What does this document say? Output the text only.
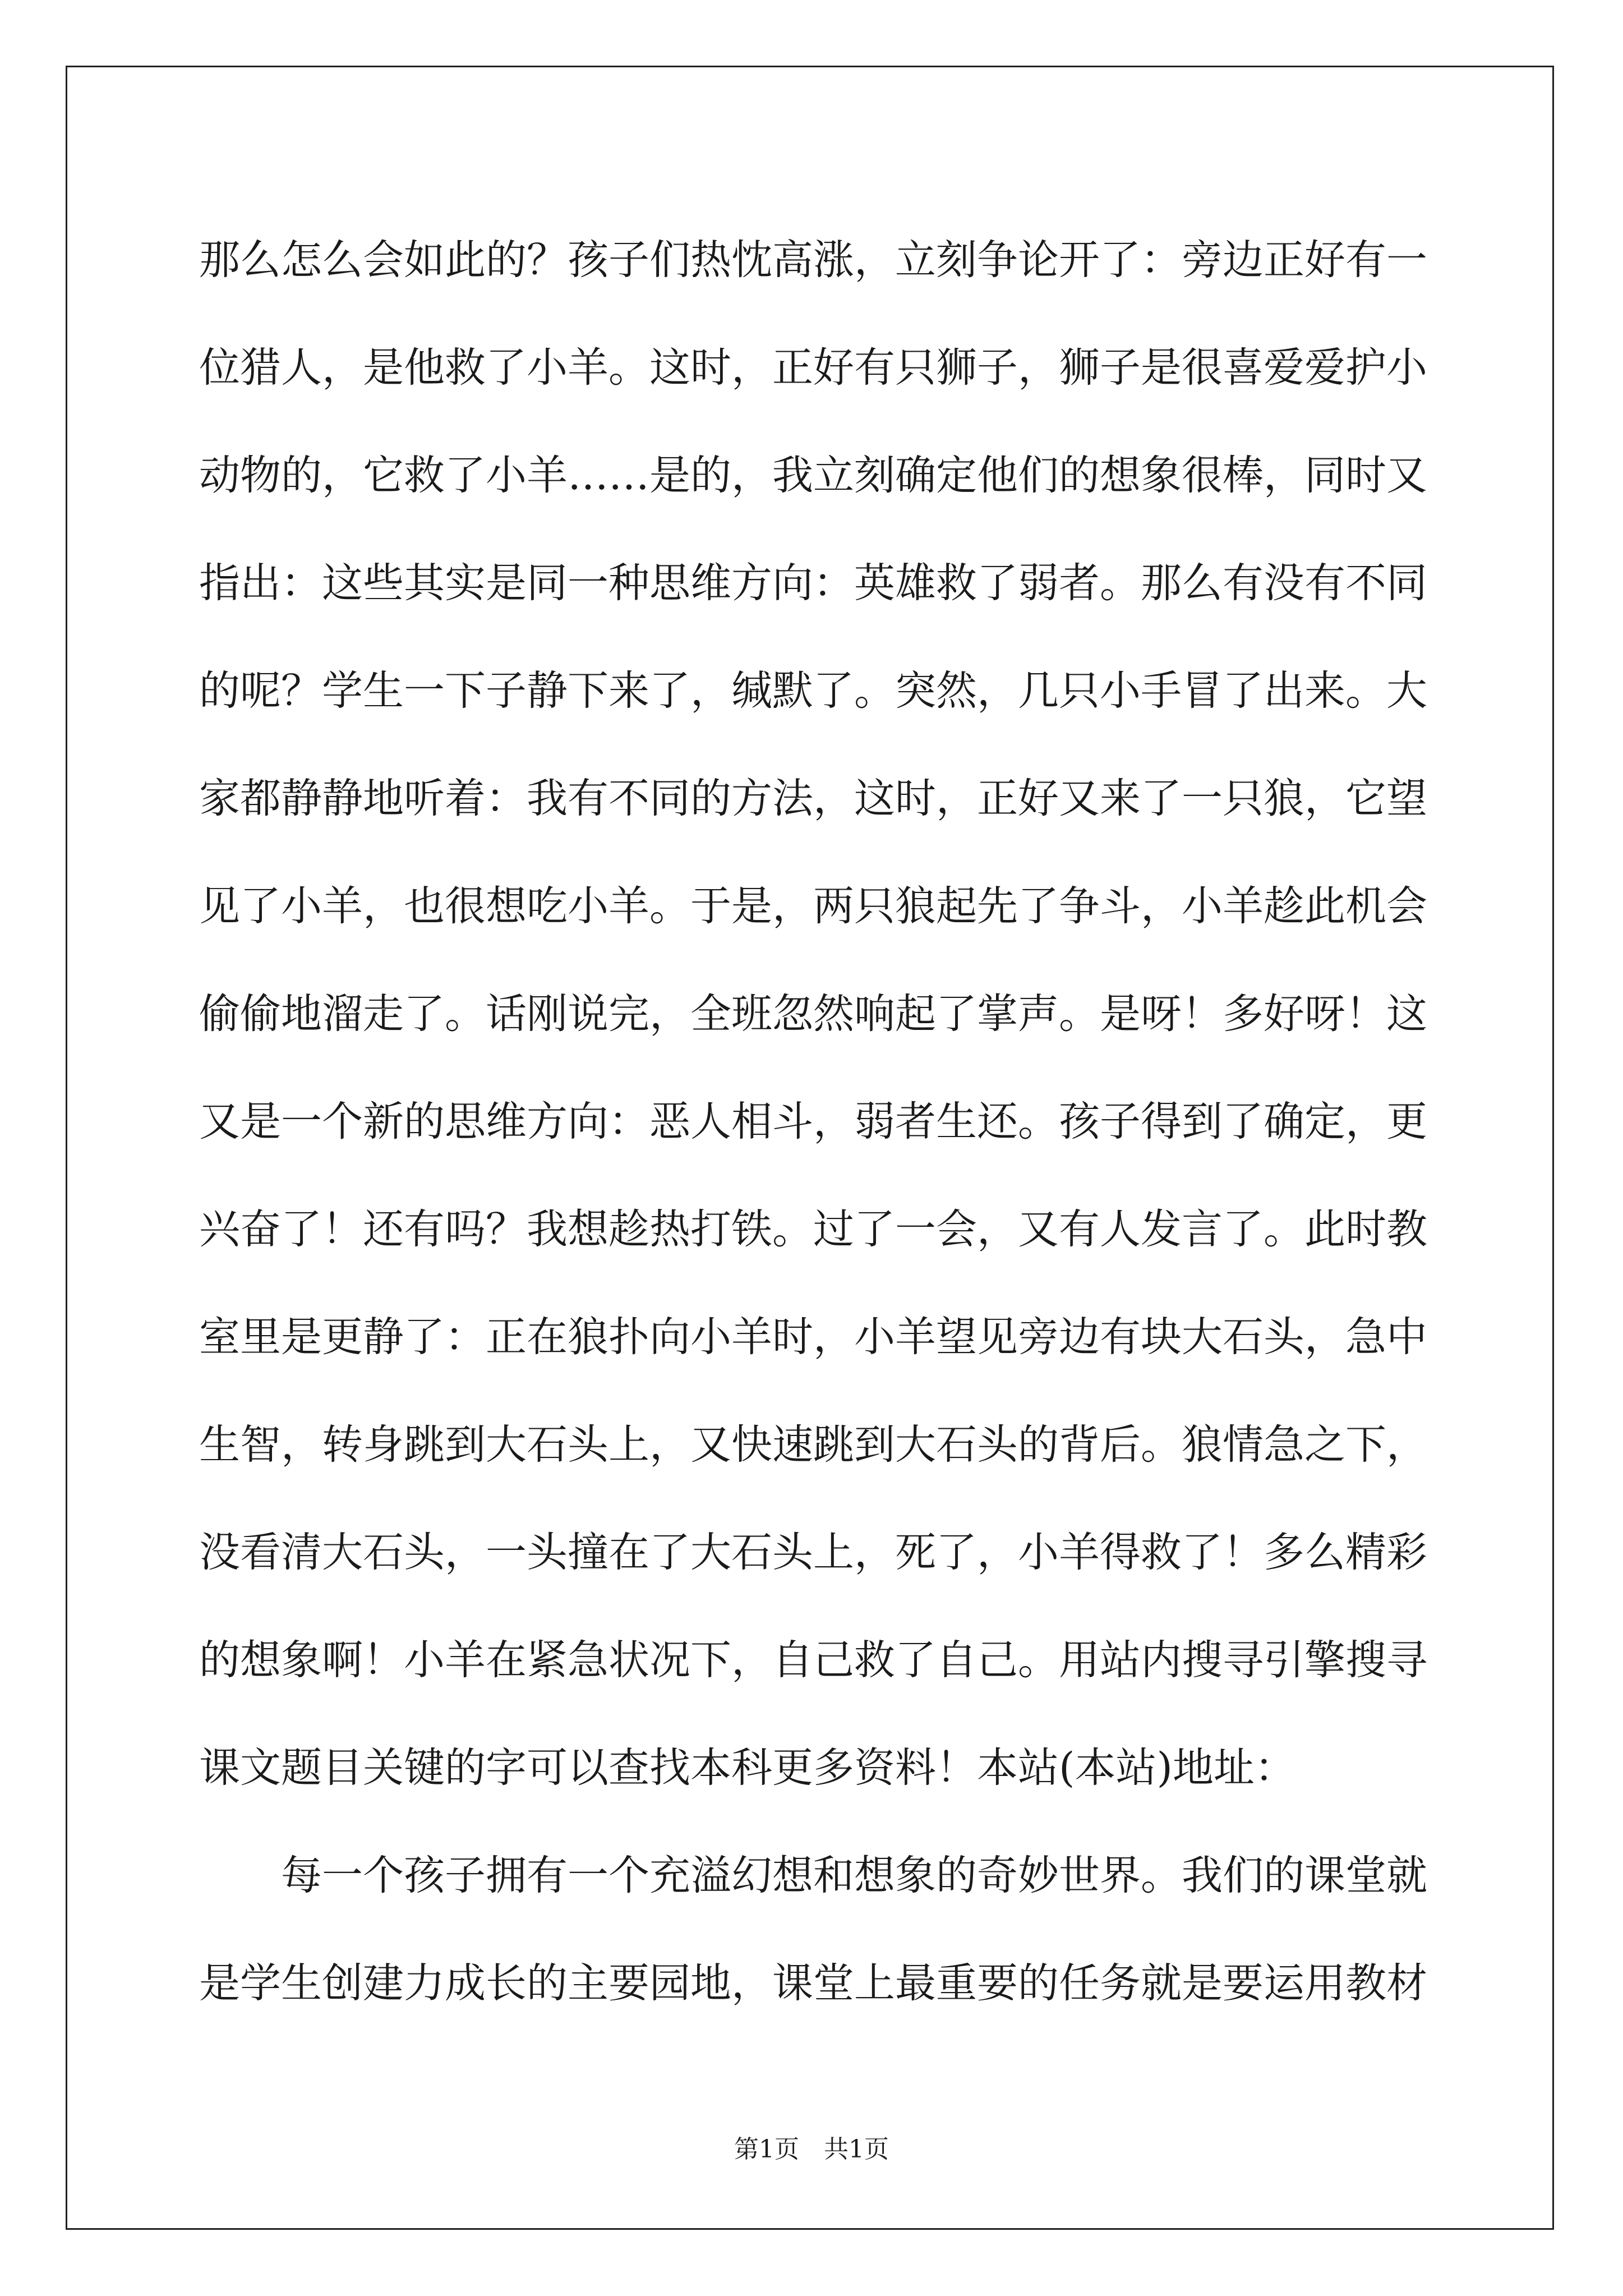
那么怎么会如此的？孩子们热忱高涨，立刻争论开了：旁边正好有一
位猎人，是他救了小羊。这时，正好有只狮子，狮子是很喜爱爱护小
动物的，它救了小羊……是的，我立刻确定他们的想象很棒，同时又
指出：这些其实是同一种思维方向：英雄救了弱者。那么有没有不同
的呢？学生一下子静下来了，缄默了。突然，几只小手冒了出来。大
家都静静地听着：我有不同的方法，这时，正好又来了一只狼，它望
见了小羊，也很想吃小羊。于是，两只狼起先了争斗，小羊趁此机会
偷偷地溜走了。话刚说完，全班忽然响起了掌声。是呀！多好呀！这
又是一个新的思维方向：恶人相斗，弱者生还。孩子得到了确定，更
兴奋了！还有吗？我想趁热打铁。过了一会，又有人发言了。此时教
室里是更静了：正在狼扑向小羊时，小羊望见旁边有块大石头，急中
生智，转身跳到大石头上，又快速跳到大石头的背后。狼情急之下，
没看清大石头，一头撞在了大石头上，死了，小羊得救了！多么精彩
的想象啊！小羊在紧急状况下，自己救了自己。用站内搜寻引擎搜寻
课文题目关键的字可以查找本科更多资料！本站(本站)地址：
　　每一个孩子拥有一个充溢幻想和想象的奇妙世界。我们的课堂就
是学生创建力成长的主要园地，课堂上最重要的任务就是要运用教材
第1页　共1页
